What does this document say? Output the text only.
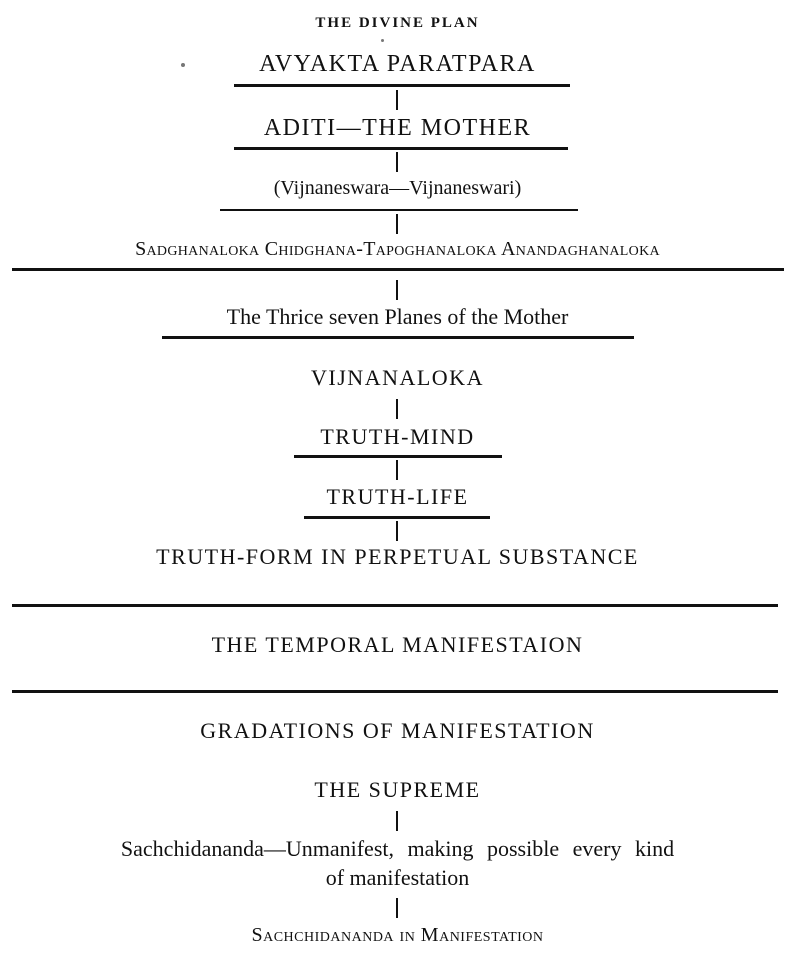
THE DIVINE PLAN
AVYAKTA PARATPARA
ADITI—THE MOTHER
(Vijnaneswara—Vijnaneswari)
Sadghanaloka Chidghana-Tapoghanaloka Anandaghanaloka
The Thrice seven Planes of the Mother
VIJNANALOKA
TRUTH-MIND
TRUTH-LIFE
TRUTH-FORM IN PERPETUAL SUBSTANCE
THE TEMPORAL MANIFESTAION
GRADATIONS OF MANIFESTATION
THE SUPREME
Sachchidananda—Unmanifest, making possible every kind
of manifestation
Sachchidananda in Manifestation
